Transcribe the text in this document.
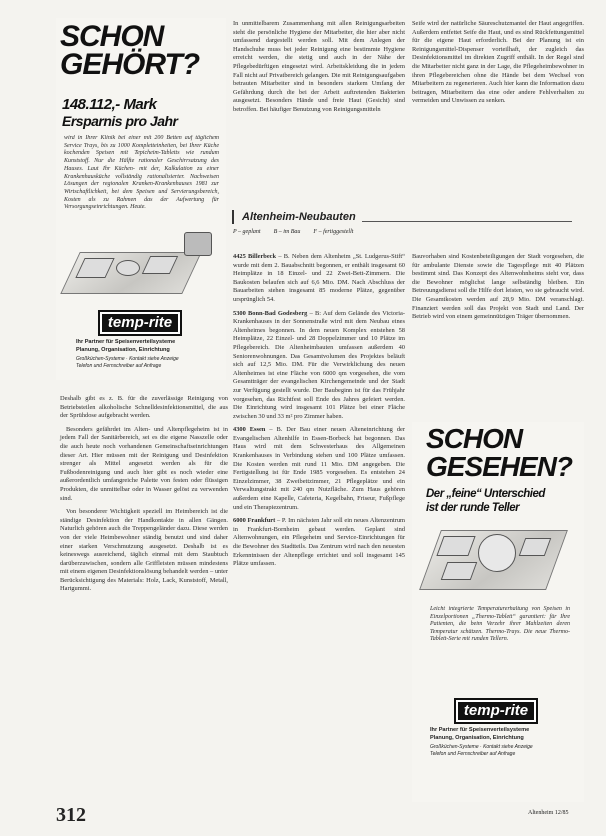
SCHON
GEHÖRT?
148.112,- Mark
Ersparnis pro Jahr
wird in Ihrer Klinik bei einer mit 200 Betten auf täglichem Service Trays, bis zu 1000 Kompletteinheiten, bei Ihrer Küche kochenden Speisen mit Tepicheim-Tabletts wie rundum Kunststoff. Nur die Hälfte rationaler Geschirrsatzung des Hauses. Laut Ihr Küchen- mit der, Kalkulation zu einer Krankenhausküche vollständig rationalisierter. Nachweisen Lösungen der regionalen Kranken-Krankenhauses 1981 zur Wirtschaftlichkeit, bei dem Speisen und Servierungsbereich, Kosten als zu Rahmen das der Aufwertung für Versorgungseinrichtungen. Heute.
temp-rite
Ihr Partner für Speisenverteilsysteme
Planung, Organisation, Einrichtung
Großküchen-Systeme · Kontakt siehe Anzeige
Telefon und Fernschreiber auf Anfrage

Deshalb gibt es z. B. für die zuverlässige Reinigung von Betriebsteilen alkoholische Schnelldesinfektionsmittel, die aus der Sprühdose aufgebracht werden.

Besonders gefährdet im Alten- und Altenpflegeheim ist in jedem Fall der Sanitärbereich, sei es die eigene Nasszelle oder die auch heute noch vorhandenen Gemeinschaftseinrichtungen dieser Art. Hier müssen mit der Reinigung und Desinfektion strenger als Mittel angesetzt werden als für die Fußbodenreinigung und auch hier gibt es noch wieder eine außerordentlich umfangreiche Palette von festen oder flüssigen Produkten, die unmittelbar oder in Wasser gelöst zu verwenden sind.

Von besonderer Wichtigkeit speziell im Heimbereich ist die ständige Desinfektion der Handkontakte in allen Gängen. Naturlich gehören auch die Treppengeländer dazu. Diese werden von der viele Heimbewohner ständig benutzt und sind daher einer starken Verschmutzung ausgesetzt. Deshalb ist es keineswegs ausreichend, täglich einmal mit dem Staubtuch darüberzuwischen, sondern alle Griffleisten müssen mindestens mit einem eigenen Desinfektionslösung behandelt werden – unter Berücksichtigung des Materials: Holz, Lack, Kunststoff, Metall, Hartgummi.

In unmittelbarem Zusammenhang mit allen Reinigungsarbeiten steht die persönliche Hygiene der Mitarbeiter, die hier aber nicht umfassend dargestellt werden soll. Mit dem Anlegen der Handschuhe muss bei jeder Reinigung eine bestimmte Hygiene erreicht werden, die stetig und auch in der Nähe der Pflegebedürftigen eingesetzt wird. Arbeitskleidung die in jedem Fall nicht auf Privatbereich gelangen. Die mit Reinigungsaufgaben betrauten Mitarbeiter sind in besonders starkem Umfang der Gefährdung durch die bei der Arbeit auftretenden Bakterien ausgesetzt. Besonders Hände und freie Haut (Gesicht) sind betroffen. Bei häufiger Benutzung von Reinigungsmitteln
Seife wird der natürliche Säureschutzmantel der Haut angegriffen. Außerdem entfettet Seife die Haut, und es sind Rückfettungsmittel für die eigene Haut erforderlich. Bei der Planung ist ein Reinigungsmittel-Dispenser vorteilhaft, der zugleich das Desinfektionsmittel im direkten Zugriff enthält. In der Regel sind die Mitarbeiter nicht ganz in der Lage, die Pflegeheimbewohner in ihren Pflegebereichen ohne die Hände bei dem Wechsel von Mitarbeitern zu regenerieren. Auch hier kann die Information dazu beitragen, Mitarbeitern das eine oder andere Fehlverhalten zu vermeiden und Unwissen zu senken.
Altenheim-Neubauten
P – geplant B – im Bau F – fertiggestellt

4425 Billerbeck – B. Neben dem Altenheim „St. Ludgerus-Stift“ wurde mit dem 2. Bauabschnitt begonnen, er enthält insgesamt 60 Heimplätze in 18 Einzel- und 22 Zwei-Bett-Zimmern. Die Baukosten belaufen sich auf 6,6 Mio. DM. Nach Abschluss der Bauarbeiten stehen insgesamt 85 moderne Plätze, gegenüber ursprünglich 54.

5300 Bonn-Bad Godesberg – B: Auf dem Gelände des Victoria-Krankenhauses in der Sonnenstraße wird mit dem Neubau eines Altenheimes begonnen. In dem neuen Komplex entstehen 58 Heimplätze, 22 Einzel- und 28 Doppelzimmer und 10 Plätze im Pflegebereich. Die Altenheimbauten umfassen außerdem 40 Seniorenwohnungen. Das Gesamtvolumen des Projektes beläuft sich auf 12,5 Mio. DM. Für die Verwirklichung des neuen Altenheimes ist eine Fläche von 6000 qm vorgesehen, die vom Gesamtträger der evangelischen Kirchengemeinde und der Stadt zur Verfügung gestellt wurde. Der Baubeginn ist für das Frühjahr vorgesehen, das Richtfest soll Ende des Jahres gefeiert werden. Die Einrichtung wird insgesamt 101 Plätze bei einer Fläche zwischen 30 und 33 m² pro Zimmer haben.

4300 Essen – B. Der Bau einer neuen Alteneinrichtung der Evangelischen Altenhilfe in Essen-Borbeck hat begonnen. Das Haus wird mit dem Schwesterhaus des Allgemeinen Krankenhauses in Verbindung stehen und 100 Plätze umfassen. Die Kosten werden mit rund 11 Mio. DM angegeben. Die Fertigstellung ist für Ende 1985 vorgesehen. Es entstehen 24 Einzelzimmer, 38 Zweibettzimmer, 21 Pflegeplätze und ein Verwaltungstrakt mit 240 qm Nutzfläche. Zum Haus gehören außerdem eine Kapelle, Cafeteria, Kegelbahn, Friseur, Fußpflege und ein Therapiezentrum.

6000 Frankfurt – P. Im nächsten Jahr soll ein neues Altenzentrum in Frankfurt-Bornheim gebaut werden. Geplant sind Altenwohnungen, ein Pflegeheim und Service-Einrichtungen für die Bewohner des Stadtteils. Das Zentrum wird nach den neuesten Erkenntnissen der Altenpflege errichtet und soll insgesamt 145 Plätze umfassen.

Bauvorhaben sind Kostenbeteiligungen der Stadt vorgesehen, die für ambulante Dienste sowie die Tagespflege mit 40 Plätzen bestimmt sind. Das Konzept des Altenwohnheims sieht vor, dass die Bewohner möglichst lange selbständig bleiben. Ein Betreuungsdienst soll die Hilfe dort leisten, wo sie gebraucht wird. Die Gesamtkosten werden auf 28,9 Mio. DM veranschlagt. Finanziert werden soll das Projekt von Stadt und Land. Der Betrieb wird von einem gemeinnützigen Träger übernommen.
SCHON
GESEHEN?
Der „feine“ Unterschied
ist der runde Teller
Leicht integrierte Temperaturerhaltung von Speisen in Einzelportionen „Thermo-Tablett“ garantiert: für Ihre Patienten, die beim Verzehr ihrer Mahlzeiten deren Temperatur schätzen. Thermo-Trays. Die neue Thermo-Tablett-Serie mit runden Tellern.
temp-rite
Ihr Partner für Speisenverteilsysteme
Planung, Organisation, Einrichtung
Großküchen-Systeme · Kontakt siehe Anzeige
Telefon und Fernschreiber auf Anfrage
312	Altenheim 12/85
